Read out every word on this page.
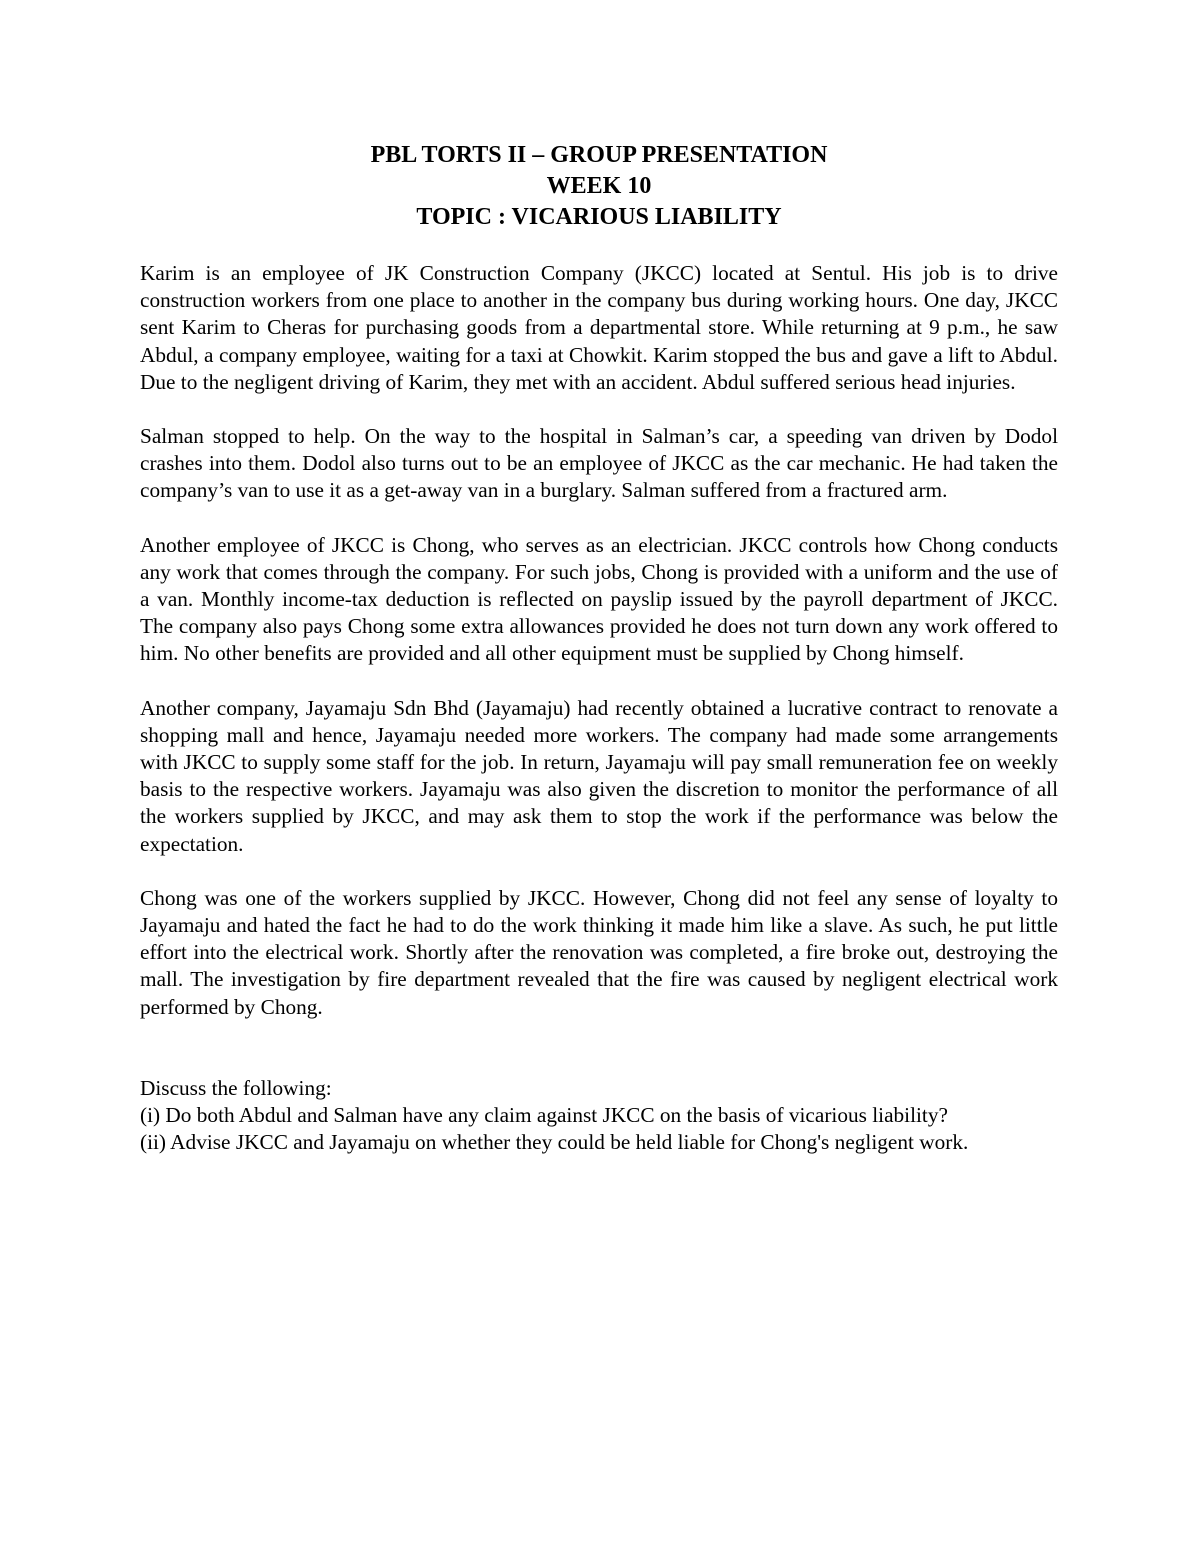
PBL TORTS II – GROUP PRESENTATION
WEEK 10
TOPIC : VICARIOUS LIABILITY

Karim is an employee of JK Construction Company (JKCC) located at Sentul. His job is to drive construction workers from one place to another in the company bus during working hours. One day, JKCC sent Karim to Cheras for purchasing goods from a departmental store. While returning at 9 p.m., he saw Abdul, a company employee, waiting for a taxi at Chowkit. Karim stopped the bus and gave a lift to Abdul. Due to the negligent driving of Karim, they met with an accident. Abdul suffered serious head injuries.

Salman stopped to help. On the way to the hospital in Salman’s car, a speeding van driven by Dodol crashes into them. Dodol also turns out to be an employee of JKCC as the car mechanic. He had taken the company’s van to use it as a get-away van in a burglary. Salman suffered from a fractured arm.

Another employee of JKCC is Chong, who serves as an electrician. JKCC controls how Chong conducts any work that comes through the company. For such jobs, Chong is provided with a uniform and the use of a van. Monthly income-tax deduction is reflected on payslip issued by the payroll department of JKCC. The company also pays Chong some extra allowances provided he does not turn down any work offered to him. No other benefits are provided and all other equipment must be supplied by Chong himself.

Another company, Jayamaju Sdn Bhd (Jayamaju) had recently obtained a lucrative contract to renovate a shopping mall and hence, Jayamaju needed more workers. The company had made some arrangements with JKCC to supply some staff for the job. In return, Jayamaju will pay small remuneration fee on weekly basis to the respective workers. Jayamaju was also given the discretion to monitor the performance of all the workers supplied by JKCC, and may ask them to stop the work if the performance was below the expectation.

Chong was one of the workers supplied by JKCC. However, Chong did not feel any sense of loyalty to Jayamaju and hated the fact he had to do the work thinking it made him like a slave. As such, he put little effort into the electrical work. Shortly after the renovation was completed, a fire broke out, destroying the mall. The investigation by fire department revealed that the fire was caused by negligent electrical work performed by Chong.

Discuss the following:
(i) Do both Abdul and Salman have any claim against JKCC on the basis of vicarious liability?
(ii) Advise JKCC and Jayamaju on whether they could be held liable for Chong's negligent work.
